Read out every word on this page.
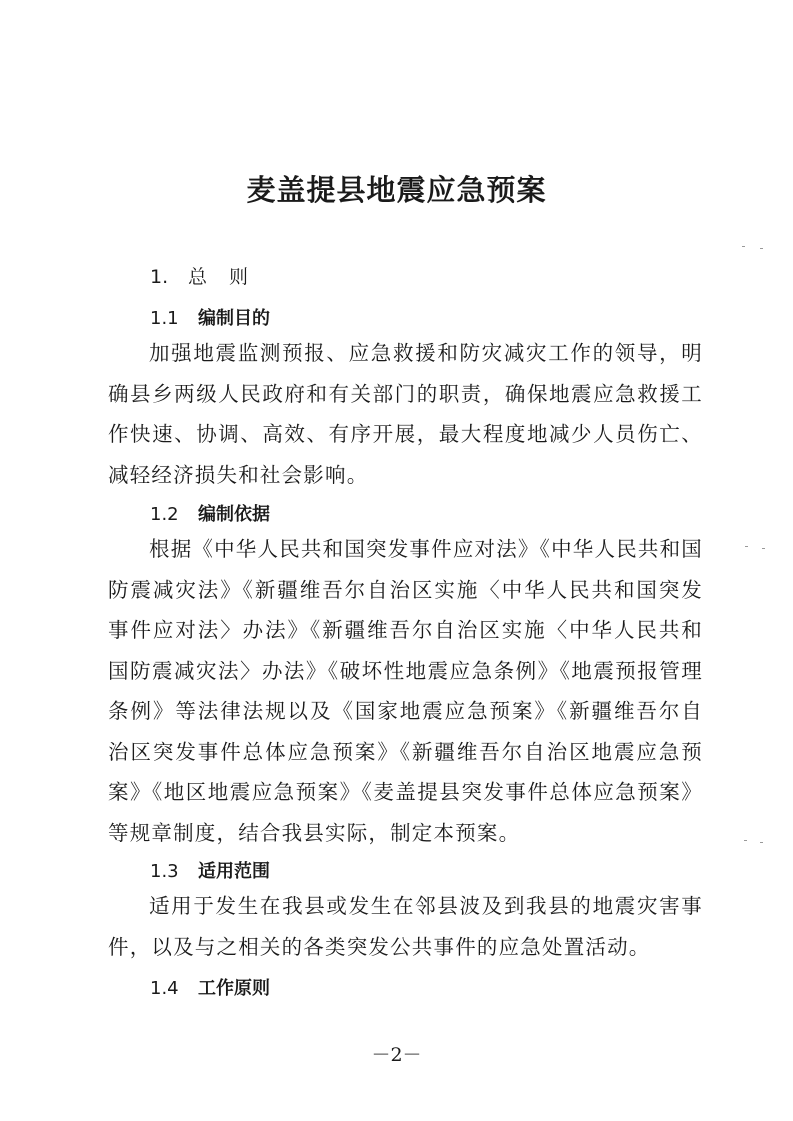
麦盖提县地震应急预案
1. 总则
1.1 编制目的
加强地震监测预报、应急救援和防灾减灾工作的领导，明确县乡两级人民政府和有关部门的职责，确保地震应急救援工作快速、协调、高效、有序开展，最大程度地减少人员伤亡、减轻经济损失和社会影响。
1.2 编制依据
根据《中华人民共和国突发事件应对法》《中华人民共和国防震减灾法》《新疆维吾尔自治区实施〈中华人民共和国突发事件应对法〉办法》《新疆维吾尔自治区实施〈中华人民共和国防震减灾法〉办法》《破坏性地震应急条例》《地震预报管理条例》等法律法规以及《国家地震应急预案》《新疆维吾尔自治区突发事件总体应急预案》《新疆维吾尔自治区地震应急预案》《地区地震应急预案》《麦盖提县突发事件总体应急预案》等规章制度，结合我县实际，制定本预案。
1.3 适用范围
适用于发生在我县或发生在邻县波及到我县的地震灾害事件，以及与之相关的各类突发公共事件的应急处置活动。
1.4 工作原则
－2－
